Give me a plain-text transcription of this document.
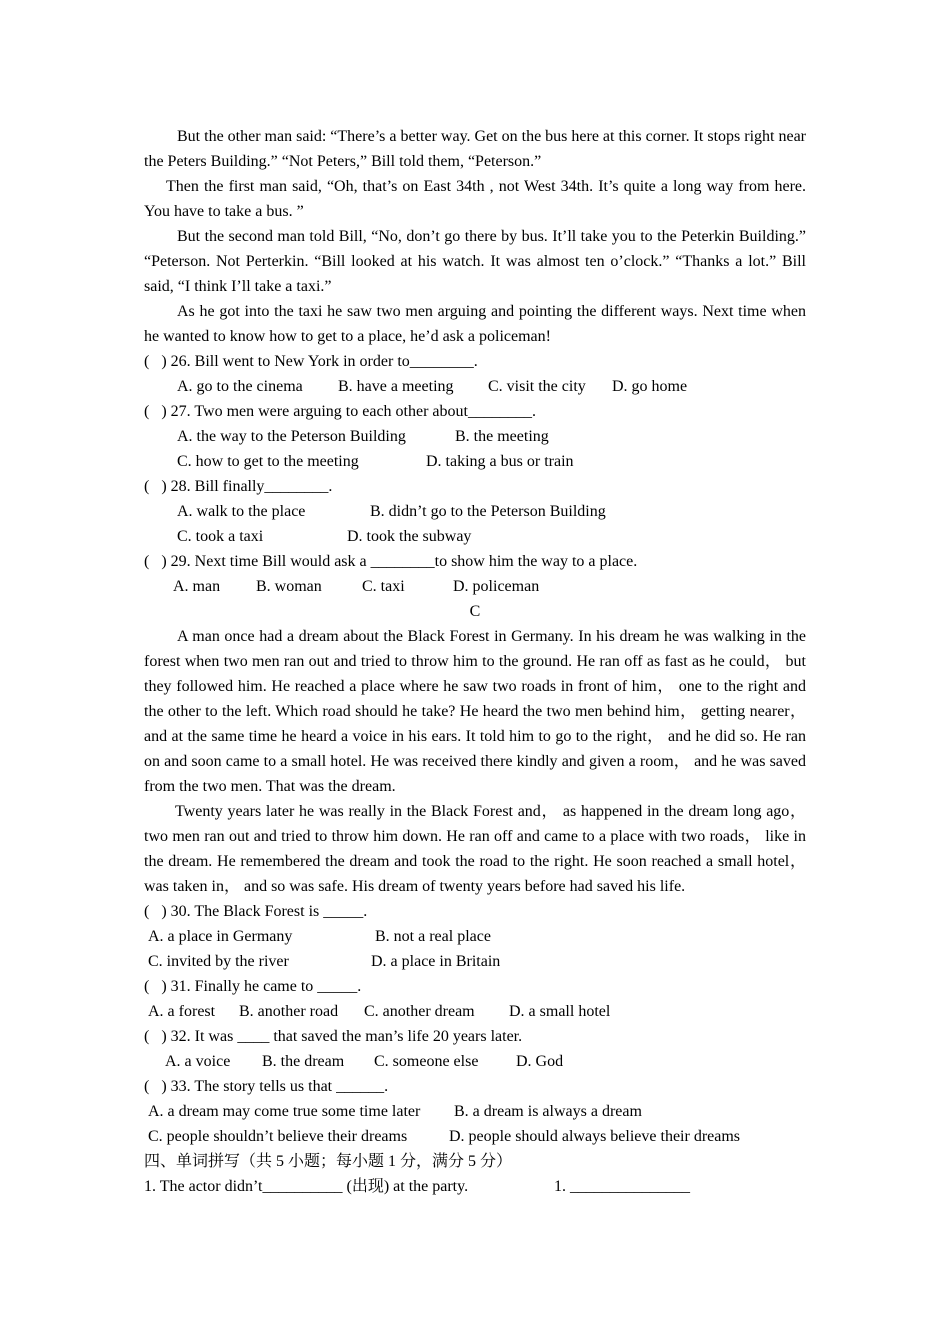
But the other man said: “There’s a better way. Get on the bus here at this corner. It stops right near the Peters Building.” “Not Peters,” Bill told them, “Peterson.”

Then the first man said, “Oh, that’s on East 34th , not West 34th. It’s quite a long way from here. You have to take a bus. ”

But the second man told Bill, “No, don’t go there by bus. It’ll take you to the Peterkin Building.” “Peterson. Not Perterkin. “Bill looked at his watch. It was almost ten o’clock.” “Thanks a lot.” Bill said, “I think I’ll take a taxi.”

As he got into the taxi he saw two men arguing and pointing the different ways. Next time when he wanted to know how to get to a place, he’d ask a policeman!

(   ) 26. Bill went to New York in order to________.
A. go to the cinema B. have a meeting C. visit the city D. go home
(   ) 27. Two men were arguing to each other about________.
A. the way to the Peterson Building	B. the meeting
C. how to get to the meeting	D. taking a bus or train
(   ) 28. Bill finally________.
A. walk to the place	B. didn’t go to the Peterson Building
C. took a taxi	D. took the subway
(   ) 29. Next time Bill would ask a ________to show him the way to a place.
A. man B. woman	C. taxi	D. policeman
C

A man once had a dream about the Black Forest in Germany. In his dream he was walking in the forest when two men ran out and tried to throw him to the ground. He ran off as fast as he could， but they followed him. He reached a place where he saw two roads in front of him， one to the right and the other to the left. Which road should he take? He heard the two men behind him， getting nearer， and at the same time he heard a voice in his ears. It told him to go to the right， and he did so. He ran on and soon came to a small hotel. He was received there kindly and given a room， and he was saved from the two men. That was the dream.

Twenty years later he was really in the Black Forest and， as happened in the dream long ago， two men ran out and tried to throw him down. He ran off and came to a place with two roads， like in the dream. He remembered the dream and took the road to the right. He soon reached a small hotel， was taken in， and so was safe. His dream of twenty years before had saved his life.

(   ) 30. The Black Forest is _____.
A. a place in Germany	B. not a real place
C. invited by the river	D. a place in Britain
(   ) 31. Finally he came to _____.
A. a forest B. another road C. another dream D. a small hotel
(   ) 32. It was ____ that saved the man’s life 20 years later.
A. a voice B. the dream C. someone else D. God
(   ) 33. The story tells us that ______.
A. a dream may come true some time later B. a dream is always a dream
C. people shouldn’t believe their dreams	D. people should always believe their dreams
四、单词拼写（共 5 小题；每小题 1 分，满分 5 分）
1. The actor didn’t__________ (出现) at the party.	1. _______________
